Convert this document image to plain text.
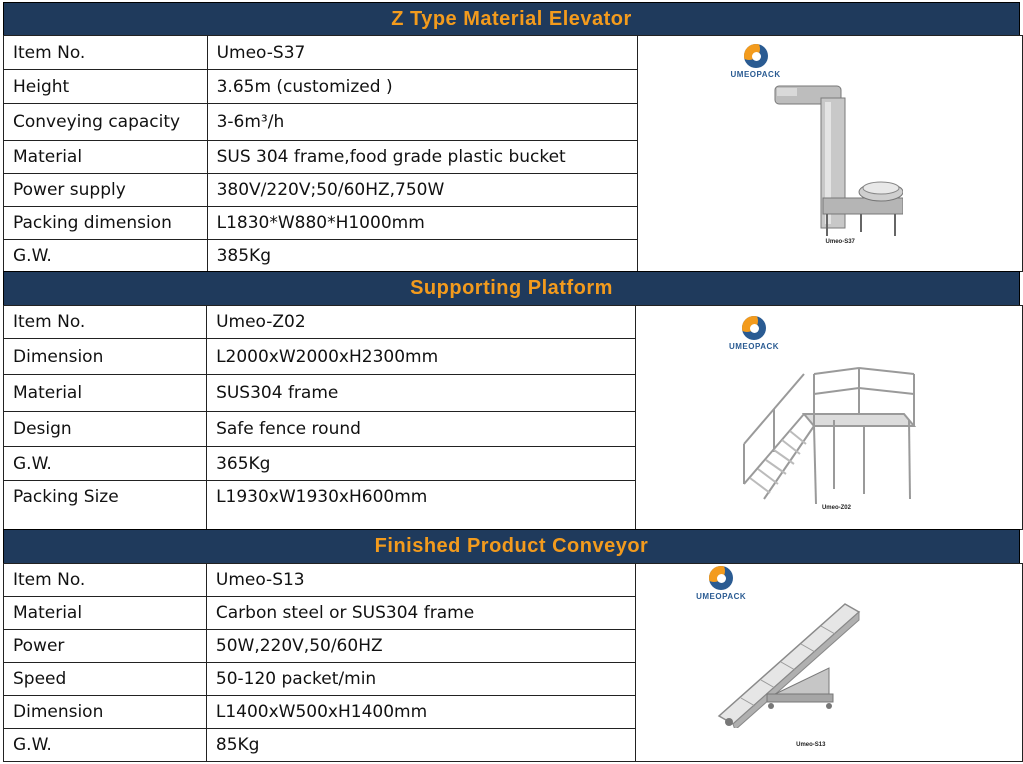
Z Type Material Elevator
Item No.	Umeo-S37	UMEOPACK
Umeo-S37

Height	3.65m (customized )	
Conveying capacity	3-6m³/h	
Material	SUS 304 frame,food grade plastic bucket	
Power supply	380V/220V;50/60HZ,750W	
Packing dimension	L1830*W880*H1000mm	
G.W.	385Kg	
Supporting Platform
Item No.	Umeo-Z02	UMEOPACK
Umeo-Z02

Dimension	L2000xW2000xH2300mm	
Material	SUS304 frame	
Design	Safe fence round	
G.W.	365Kg	
Packing Size	L1930xW1930xH600mm	
Finished Product Conveyor
Item No.	Umeo-S13	UMEOPACK
Umeo-S13

Material	Carbon steel or SUS304 frame	
Power	50W,220V,50/60HZ	
Speed	50-120 packet/min	
Dimension	L1400xW500xH1400mm	
G.W.	85Kg	
